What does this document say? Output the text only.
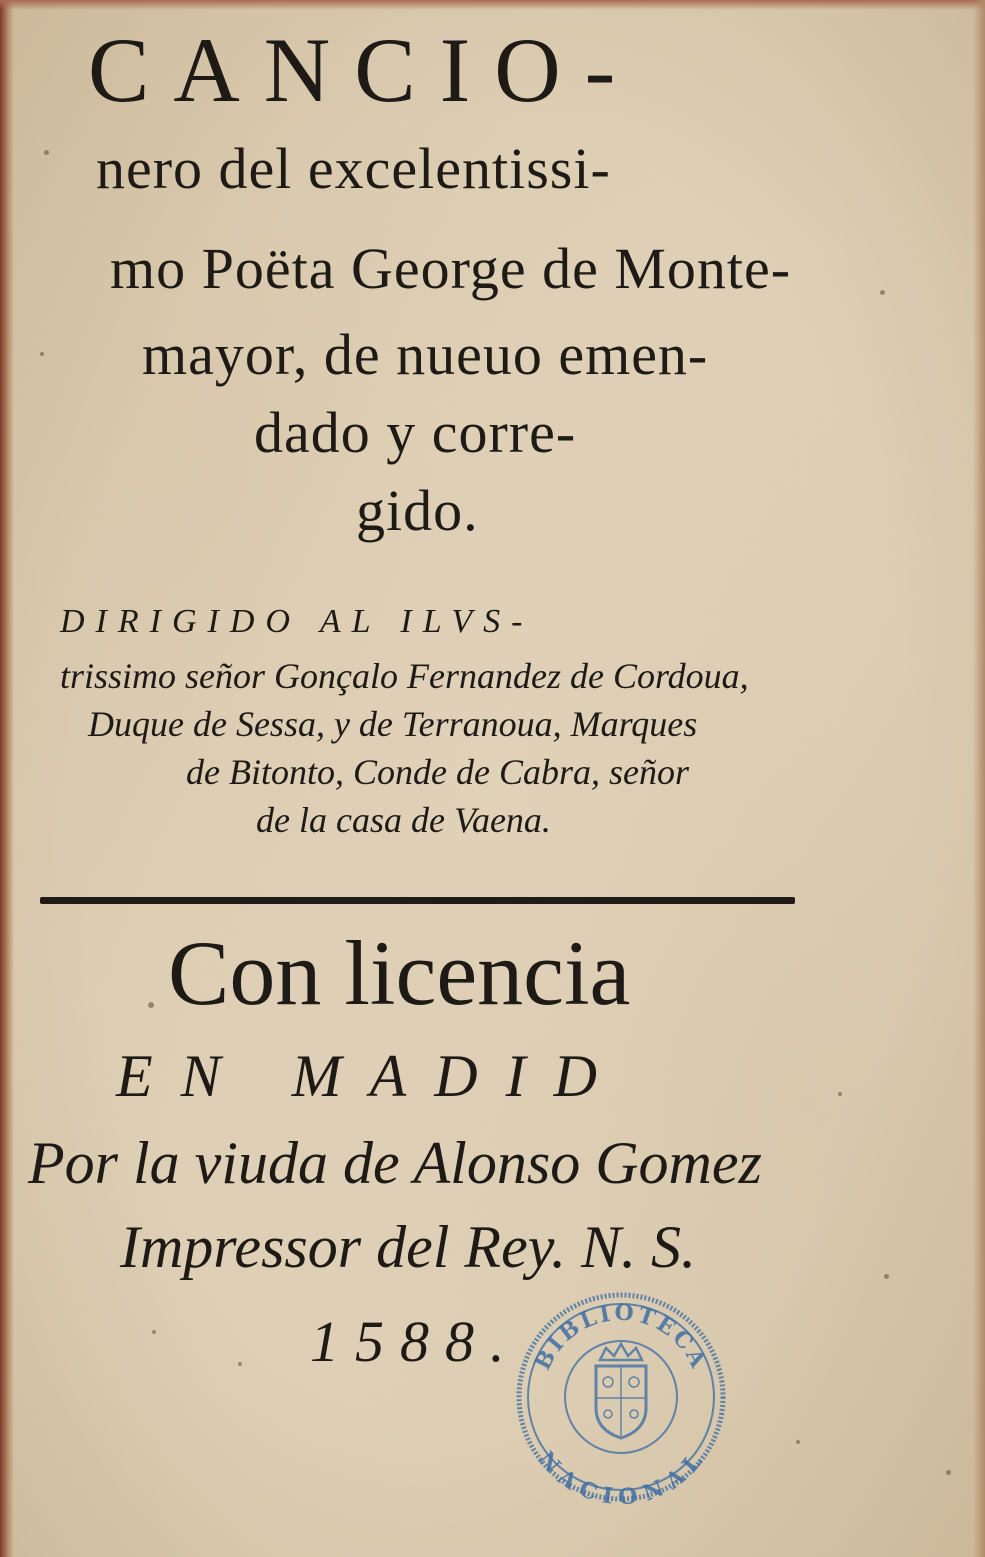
CANCIO-
nero del excelentissi-
mo Poëta George de Monte-
mayor, de nueuo emen-
dado y corre-
gido.
DIRIGIDO AL ILVS-
trissimo señor Gonçalo Fernandez de Cordoua,
Duque de Sessa, y de Terranoua, Marques
de Bitonto, Conde de Cabra, señor
de la casa de Vaena.
Con licencia
EN MADID
Por la viuda de Alonso Gomez
Impressor del Rey. N. S.
1588. BIBLIOTECA
NACIONAL
